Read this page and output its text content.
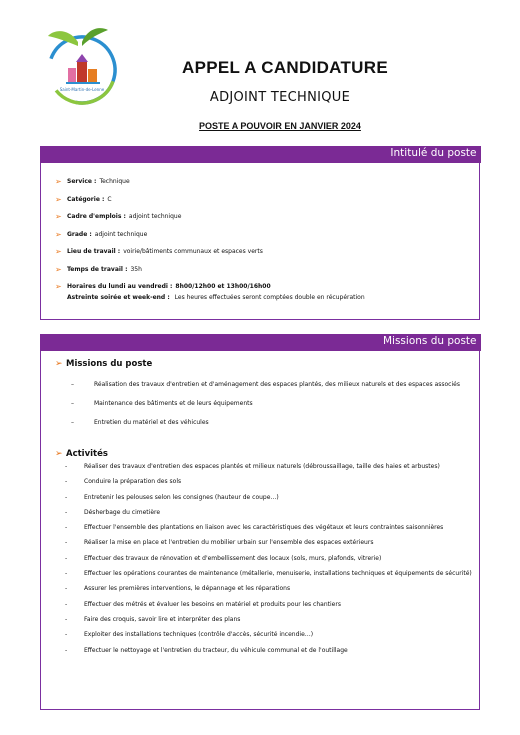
Saint-Martin-de-Lenne
APPEL A CANDIDATURE
ADJOINT TECHNIQUE
POSTE A POUVOIR EN JANVIER 2024
Intitulé du poste
➢ Service : Technique
➢ Catégorie : C
➢ Cadre d'emplois : adjoint technique
➢ Grade : adjoint technique
➢ Lieu de travail : voirie/bâtiments communaux et espaces verts
➢ Temps de travail : 35h
➢ Horaires du lundi au vendredi : 8h00/12h00 et 13h00/16h00
Astreinte soirée et week-end : Les heures effectuées seront comptées double en récupération
Missions du poste
➢ Missions du poste
–	Réalisation des travaux d'entretien et d'aménagement des espaces plantés, des milieux naturels et des espaces associés
–	Maintenance des bâtiments et de leurs équipements
–	Entretien du matériel et des véhicules
➢ Activités
-	Réaliser des travaux d'entretien des espaces plantés et milieux naturels (débroussaillage, taille des haies et arbustes)
-	Conduire la préparation des sols
-	Entretenir les pelouses selon les consignes (hauteur de coupe…)
-	Désherbage du cimetière
-	Effectuer l'ensemble des plantations en liaison avec les caractéristiques des végétaux et leurs contraintes saisonnières
-	Réaliser la mise en place et l'entretien du mobilier urbain sur l'ensemble des espaces extérieurs
-	Effectuer des travaux de rénovation et d'embellissement des locaux (sols, murs, plafonds, vitrerie)
-	Effectuer les opérations courantes de maintenance (métallerie, menuiserie, installations techniques et équipements de sécurité)
-	Assurer les premières interventions, le dépannage et les réparations
-	Effectuer des métrés et évaluer les besoins en matériel et produits pour les chantiers
-	Faire des croquis, savoir lire et interpréter des plans
-	Exploiter des installations techniques (contrôle d'accès, sécurité incendie…)
-	Effectuer le nettoyage et l'entretien du tracteur, du véhicule communal et de l'outillage
